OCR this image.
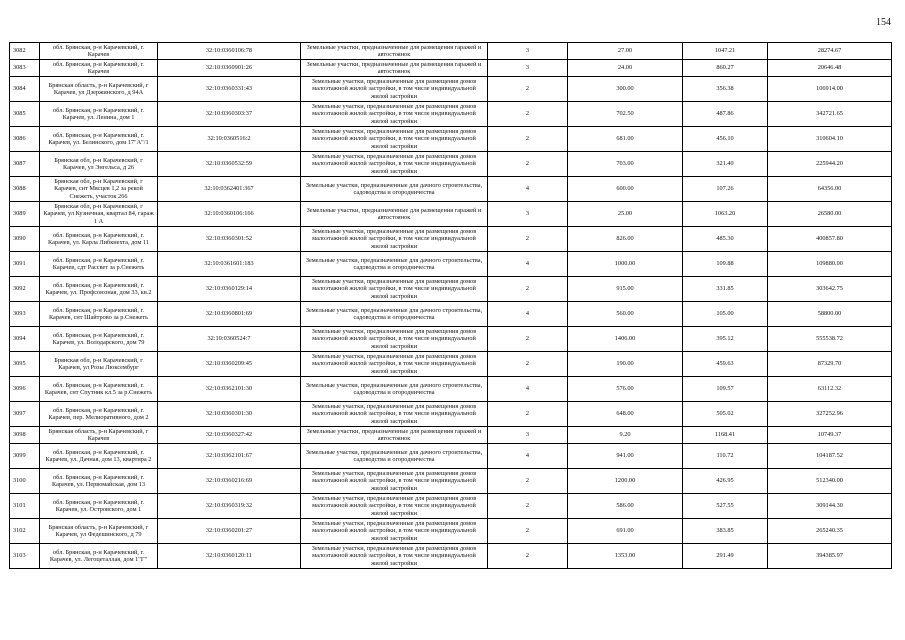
154
3082	обл. Брянская, р-н Карачевский, г. Карачев	32:10:0360106:78	Земельные участки, предназначенные для размещения гаражей и автостоянок	3	27.00	1047.21	28274.67
3083	обл. Брянская, р-н Карачевский, г. Карачев	32:10:0360901:26	Земельные участки, предназначенные для размещения гаражей и автостоянок	3	24.00	860.27	20646.48
3084	Брянская область, р-н Карачевский, г Карачев, ул Дзержинского, д 94А	32:10:0360331:43	Земельные участки, предназначенные для размещения домов малоэтажной жилой застройки, в том числе индивидуальной жилой застройки	2	300.00	356.38	106914.00
3085	обл. Брянская, р-н Карачевский, г. Карачев, ул. Ленина, дом 1	32:10:0360303:37	Земельные участки, предназначенные для размещения домов малоэтажной жилой застройки, в том числе индивидуальной жилой застройки	2	702.50	487.86	342721.65
3086	обл. Брянская, р-н Карачевский, г. Карачев, ул. Белинского, дом 17"А"/1	32:10:0360516:2	Земельные участки, предназначенные для размещения домов малоэтажной жилой застройки, в том числе индивидуальной жилой застройки	2	681.00	456.10	310604.10
3087	Брянская обл, р-н Карачевский, г Карачев, ул Энгельса, д 26	32:10:0360532:59	Земельные участки, предназначенные для размещения домов малоэтажной жилой застройки, в том числе индивидуальной жилой застройки	2	703.00	321.40	225944.20
3088	Брянская обл, р-н Карачевский, г Карачев, снт Мясцев 1,2 за рекой Снежеть, участок 266	32:10:0362401:367	Земельные участки, предназначенные для дачного строительства, садоводства и огородничества	4	600.00	107.26	64356.00
3089	Брянская обл, р-н Карачевский, г Карачев, ул Кузнечная, квартал 84, гараж 1 А	32:10:0360106:166	Земельные участки, предназначенные для размещения гаражей и автостоянок	3	25.00	1063.20	26580.00
3090	обл. Брянская, р-н Карачевский, г. Карачев, ул. Карла Либкнехта, дом 11	32:10:0360301:52	Земельные участки, предназначенные для размещения домов малоэтажной жилой застройки, в том числе индивидуальной жилой застройки	2	826.00	485.30	400857.80
3091	обл. Брянская, р-н Карачевский, г. Карачев, сдт Рассвет за р.Снежеть	32:10:0361601:183	Земельные участки, предназначенные для дачного строительства, садоводства и огородничества	4	1000.00	109.88	109880.00
3092	обл. Брянская, р-н Карачевский, г. Карачев, ул. Профсоюзная, дом 33, кв.2	32:10:0360129:14	Земельные участки, предназначенные для размещения домов малоэтажной жилой застройки, в том числе индивидуальной жилой застройки	2	915.00	331.85	303642.75
3093	обл. Брянская, р-н Карачевский, г. Карачев, снт Шайтрово за р.Снежеть	32:10:0360801:69	Земельные участки, предназначенные для дачного строительства, садоводства и огородничества	4	560.00	105.00	58800.00
3094	обл. Брянская, р-н Карачевский, г. Карачев, ул. Володарского, дом 79	32:10:0360524:7	Земельные участки, предназначенные для размещения домов малоэтажной жилой застройки, в том числе индивидуальной жилой застройки	2	1406.00	395.12	555538.72
3095	Брянская обл, р-н Карачевский, г Карачев, ул Розы Люксембург	32:10:0360209:45	Земельные участки, предназначенные для размещения домов малоэтажной жилой застройки, в том числе индивидуальной жилой застройки	2	190.00	459.63	87329.70
3096	обл. Брянская, р-н Карачевский, г. Карачев, снт Спутник кл.5 за р.Снежеть	32:10:0362101:30	Земельные участки, предназначенные для дачного строительства, садоводства и огородничества	4	576.00	109.57	63112.32
3097	обл. Брянская, р-н Карачевский, г. Карачев, пер. Мелиоративного, дом 2	32:10:0360301:30	Земельные участки, предназначенные для размещения домов малоэтажной жилой застройки, в том числе индивидуальной жилой застройки	2	648.00	505.02	327252.96
3098	Брянская область, р-н Карачевский, г Карачев	32:10:0360327:42	Земельные участки, предназначенные для размещения гаражей и автостоянок	3	9.20	1168.41	10749.37
3099	обл. Брянская, р-н Карачевский, г. Карачев, ул. Дачная, дом 13, квартира 2	32:10:0362101:67	Земельные участки, предназначенные для дачного строительства, садоводства и огородничества	4	941.00	110.72	104187.52
3100	обл. Брянская, р-н Карачевский, г. Карачев, ул. Первомайская, дом 13	32:10:0360216:69	Земельные участки, предназначенные для размещения домов малоэтажной жилой застройки, в том числе индивидуальной жилой застройки	2	1200.00	426.95	512340.00
3101	обл. Брянская, р-н Карачевский, г. Карачев, ул. Островского, дом 1	32:10:0360319:32	Земельные участки, предназначенные для размещения домов малоэтажной жилой застройки, в том числе индивидуальной жилой застройки	2	586.00	527.55	309144.30
3102	Брянская область, р-н Карачевский, г Карачев, ул Федешинского, д 79	32:10:0360201:27	Земельные участки, предназначенные для размещения домов малоэтажной жилой застройки, в том числе индивидуальной жилой застройки	2	691.00	383.85	265240.35
3103	обл. Брянская, р-н Карачевский, г. Карачев, ул. Легоцеталлая, дом 1"Г"	32:10:0360120:11	Земельные участки, предназначенные для размещения домов малоэтажной жилой застройки, в том числе индивидуальной жилой застройки	2	1353.00	291.49	394385.97
